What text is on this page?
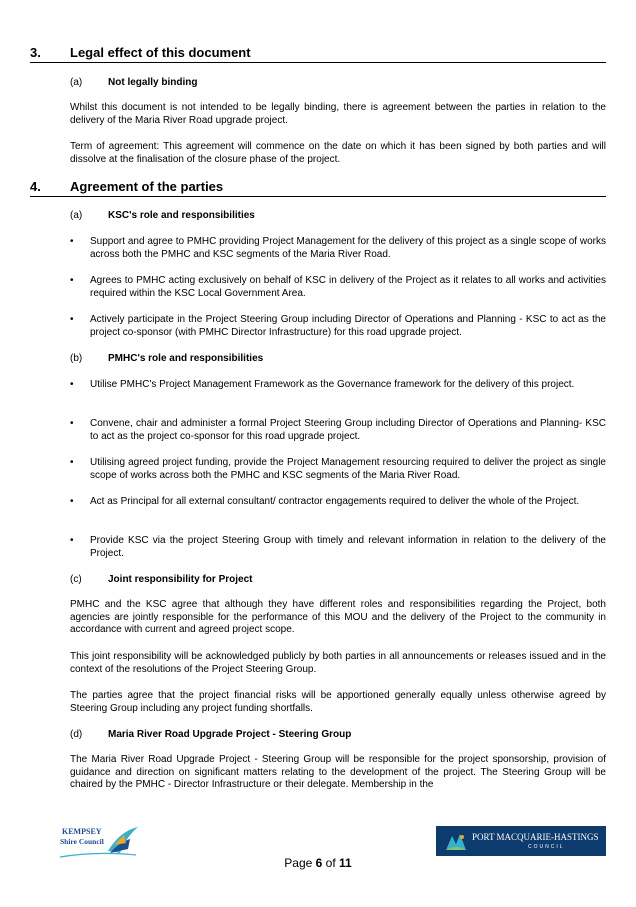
3. Legal effect of this document
(a)	Not legally binding
Whilst this document is not intended to be legally binding, there is agreement between the parties in relation to the delivery of the Maria River Road upgrade project.
Term of agreement: This agreement will commence on the date on which it has been signed by both parties and will dissolve at the finalisation of the closure phase of the project.
4. Agreement of the parties
(a)	KSC's role and responsibilities
• Support and agree to PMHC providing Project Management for the delivery of this project as a single scope of works across both the PMHC and KSC segments of the Maria River Road.
• Agrees to PMHC acting exclusively on behalf of KSC in delivery of the Project as it relates to all works and activities required within the KSC Local Government Area.
• Actively participate in the Project Steering Group including Director of Operations and Planning - KSC to act as the project co-sponsor (with PMHC Director Infrastructure) for this road upgrade project.
(b)	PMHC's role and responsibilities
• Utilise PMHC's Project Management Framework as the Governance framework for the delivery of this project.
• Convene, chair and administer a formal Project Steering Group including Director of Operations and Planning- KSC to act as the project co-sponsor for this road upgrade project.
• Utilising agreed project funding, provide the Project Management resourcing required to deliver the project as single scope of works across both the PMHC and KSC segments of the Maria River Road.
• Act as Principal for all external consultant/ contractor engagements required to deliver the whole of the Project.
• Provide KSC via the project Steering Group with timely and relevant information in relation to the delivery of the Project.
(c)	Joint responsibility for Project
PMHC and the KSC agree that although they have different roles and responsibilities regarding the Project, both agencies are jointly responsible for the performance of this MOU and the delivery of the Project to the community in accordance with current and agreed project scope.
This joint responsibility will be acknowledged publicly by both parties in all announcements or releases issued and in the context of the resolutions of the Project Steering Group.
The parties agree that the project financial risks will be apportioned generally equally unless otherwise agreed by Steering Group including any project funding shortfalls.
(d)	Maria River Road Upgrade Project - Steering Group
The Maria River Road Upgrade Project - Steering Group will be responsible for the project sponsorship, provision of guidance and direction on significant matters relating to the development of the project. The Steering Group will be chaired by the PMHC - Director Infrastructure or their delegate. Membership in the
KEMPSEY
Shire Council	PORT MACQUARIE-HASTINGS
COUNCIL
Page 6 of 11
